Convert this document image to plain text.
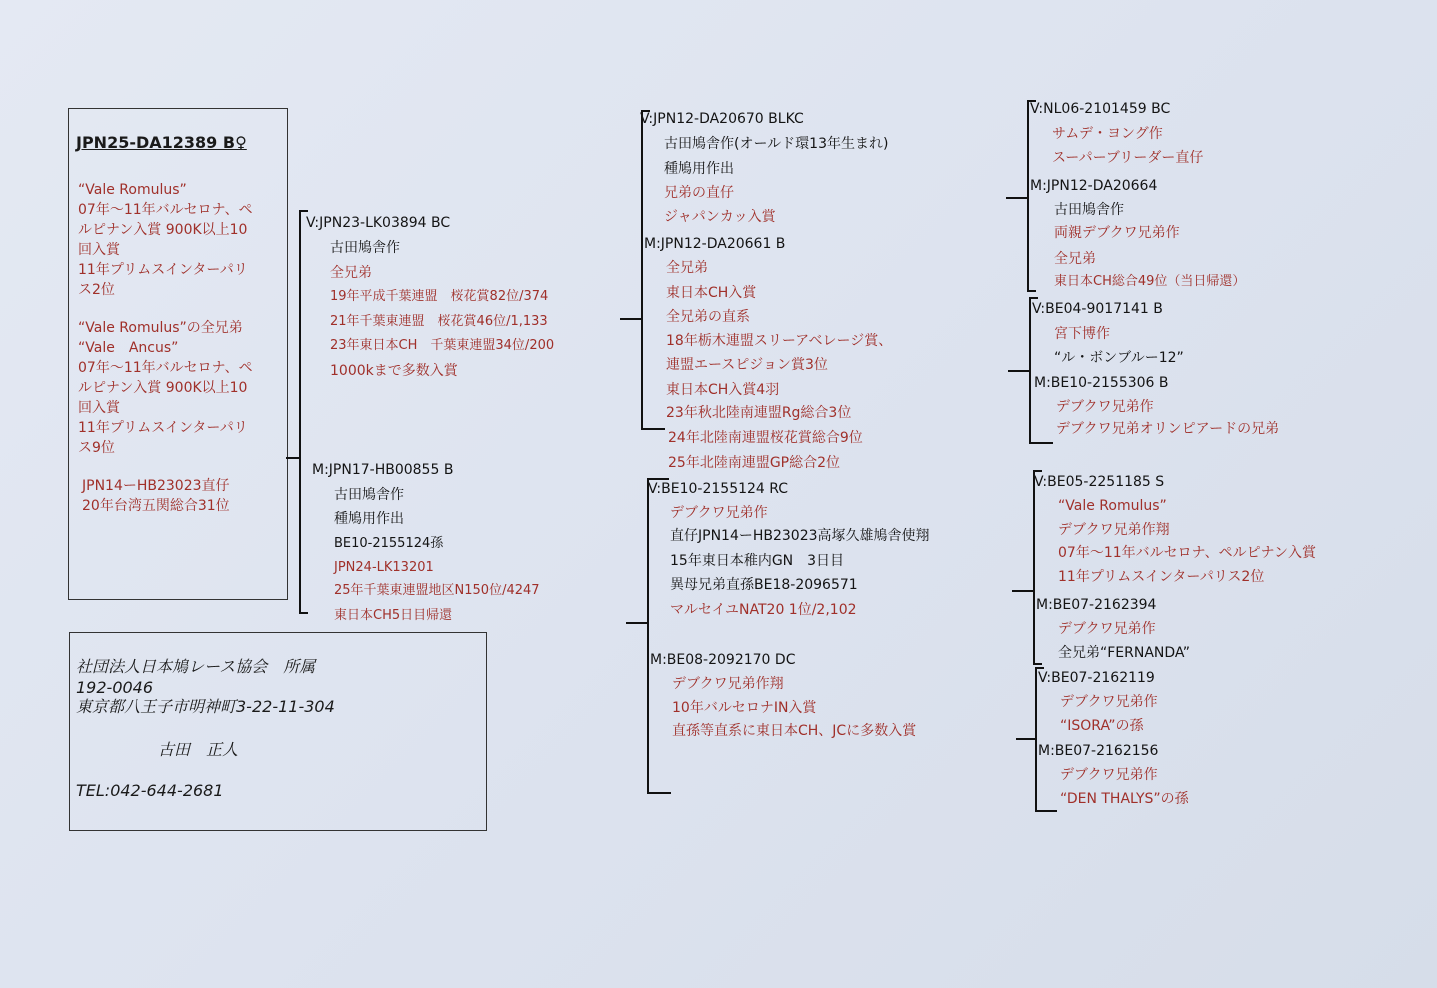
JPN25-DA12389 B♀
“Vale Romulus”
07年～11年バルセロナ、ペ
ルピナン入賞 900K以上10
回入賞
11年プリムスインターパリ
ス2位
“Vale Romulus”の全兄弟
“Vale　Ancus”
07年～11年バルセロナ、ペ
ルピナン入賞 900K以上10
回入賞
11年プリムスインターパリ
ス9位
JPN14ーHB23023直仔
20年台湾五関総合31位
社団法人日本鳩レース協会　所属
192-0046
東京都八王子市明神町3-22-11-304
古田　正人
TEL:042-644-2681
V:JPN23-LK03894 BC
古田鳩舎作
全兄弟
19年平成千葉連盟　桜花賞82位/374
21年千葉東連盟　桜花賞46位/1,133
23年東日本CH　千葉東連盟34位/200
1000kまで多数入賞
M:JPN17-HB00855 B
古田鳩舎作
種鳩用作出
BE10-2155124孫
JPN24-LK13201
25年千葉東連盟地区N150位/4247
東日本CH5日目帰還
V:JPN12-DA20670 BLKC
古田鳩舎作(オールド環13年生まれ)
種鳩用作出
兄弟の直仔
ジャパンカッ入賞
M:JPN12-DA20661 B
全兄弟
東日本CH入賞
全兄弟の直系
18年栃木連盟スリーアベレージ賞、
連盟エースピジョン賞3位
東日本CH入賞4羽
23年秋北陸南連盟Rg総合3位
24年北陸南連盟桜花賞総合9位
25年北陸南連盟GP総合2位
V:BE10-2155124 RC
デブクワ兄弟作
直仔JPN14ーHB23023高塚久雄鳩舎使翔
15年東日本稚内GN　3日目
異母兄弟直孫BE18-2096571
マルセイユNAT20 1位/2,102
M:BE08-2092170 DC
デブクワ兄弟作翔
10年バルセロナIN入賞
直孫等直系に東日本CH、JCに多数入賞
V:NL06-2101459 BC
サムデ・ヨング作
スーパーブリーダー直仔
M:JPN12-DA20664
古田鳩舎作
両親デブクワ兄弟作
全兄弟
東日本CH総合49位（当日帰還）
V:BE04-9017141 B
宮下博作
“ル・ボンブルー12”
M:BE10-2155306 B
デブクワ兄弟作
デブクワ兄弟オリンピアードの兄弟
V:BE05-2251185 S
“Vale Romulus”
デブクワ兄弟作翔
07年～11年バルセロナ、ペルピナン入賞
11年プリムスインターパリス2位
M:BE07-2162394
デブクワ兄弟作
全兄弟“FERNANDA”
V:BE07-2162119
デブクワ兄弟作
“ISORA”の孫
M:BE07-2162156
デブクワ兄弟作
“DEN THALYS”の孫
